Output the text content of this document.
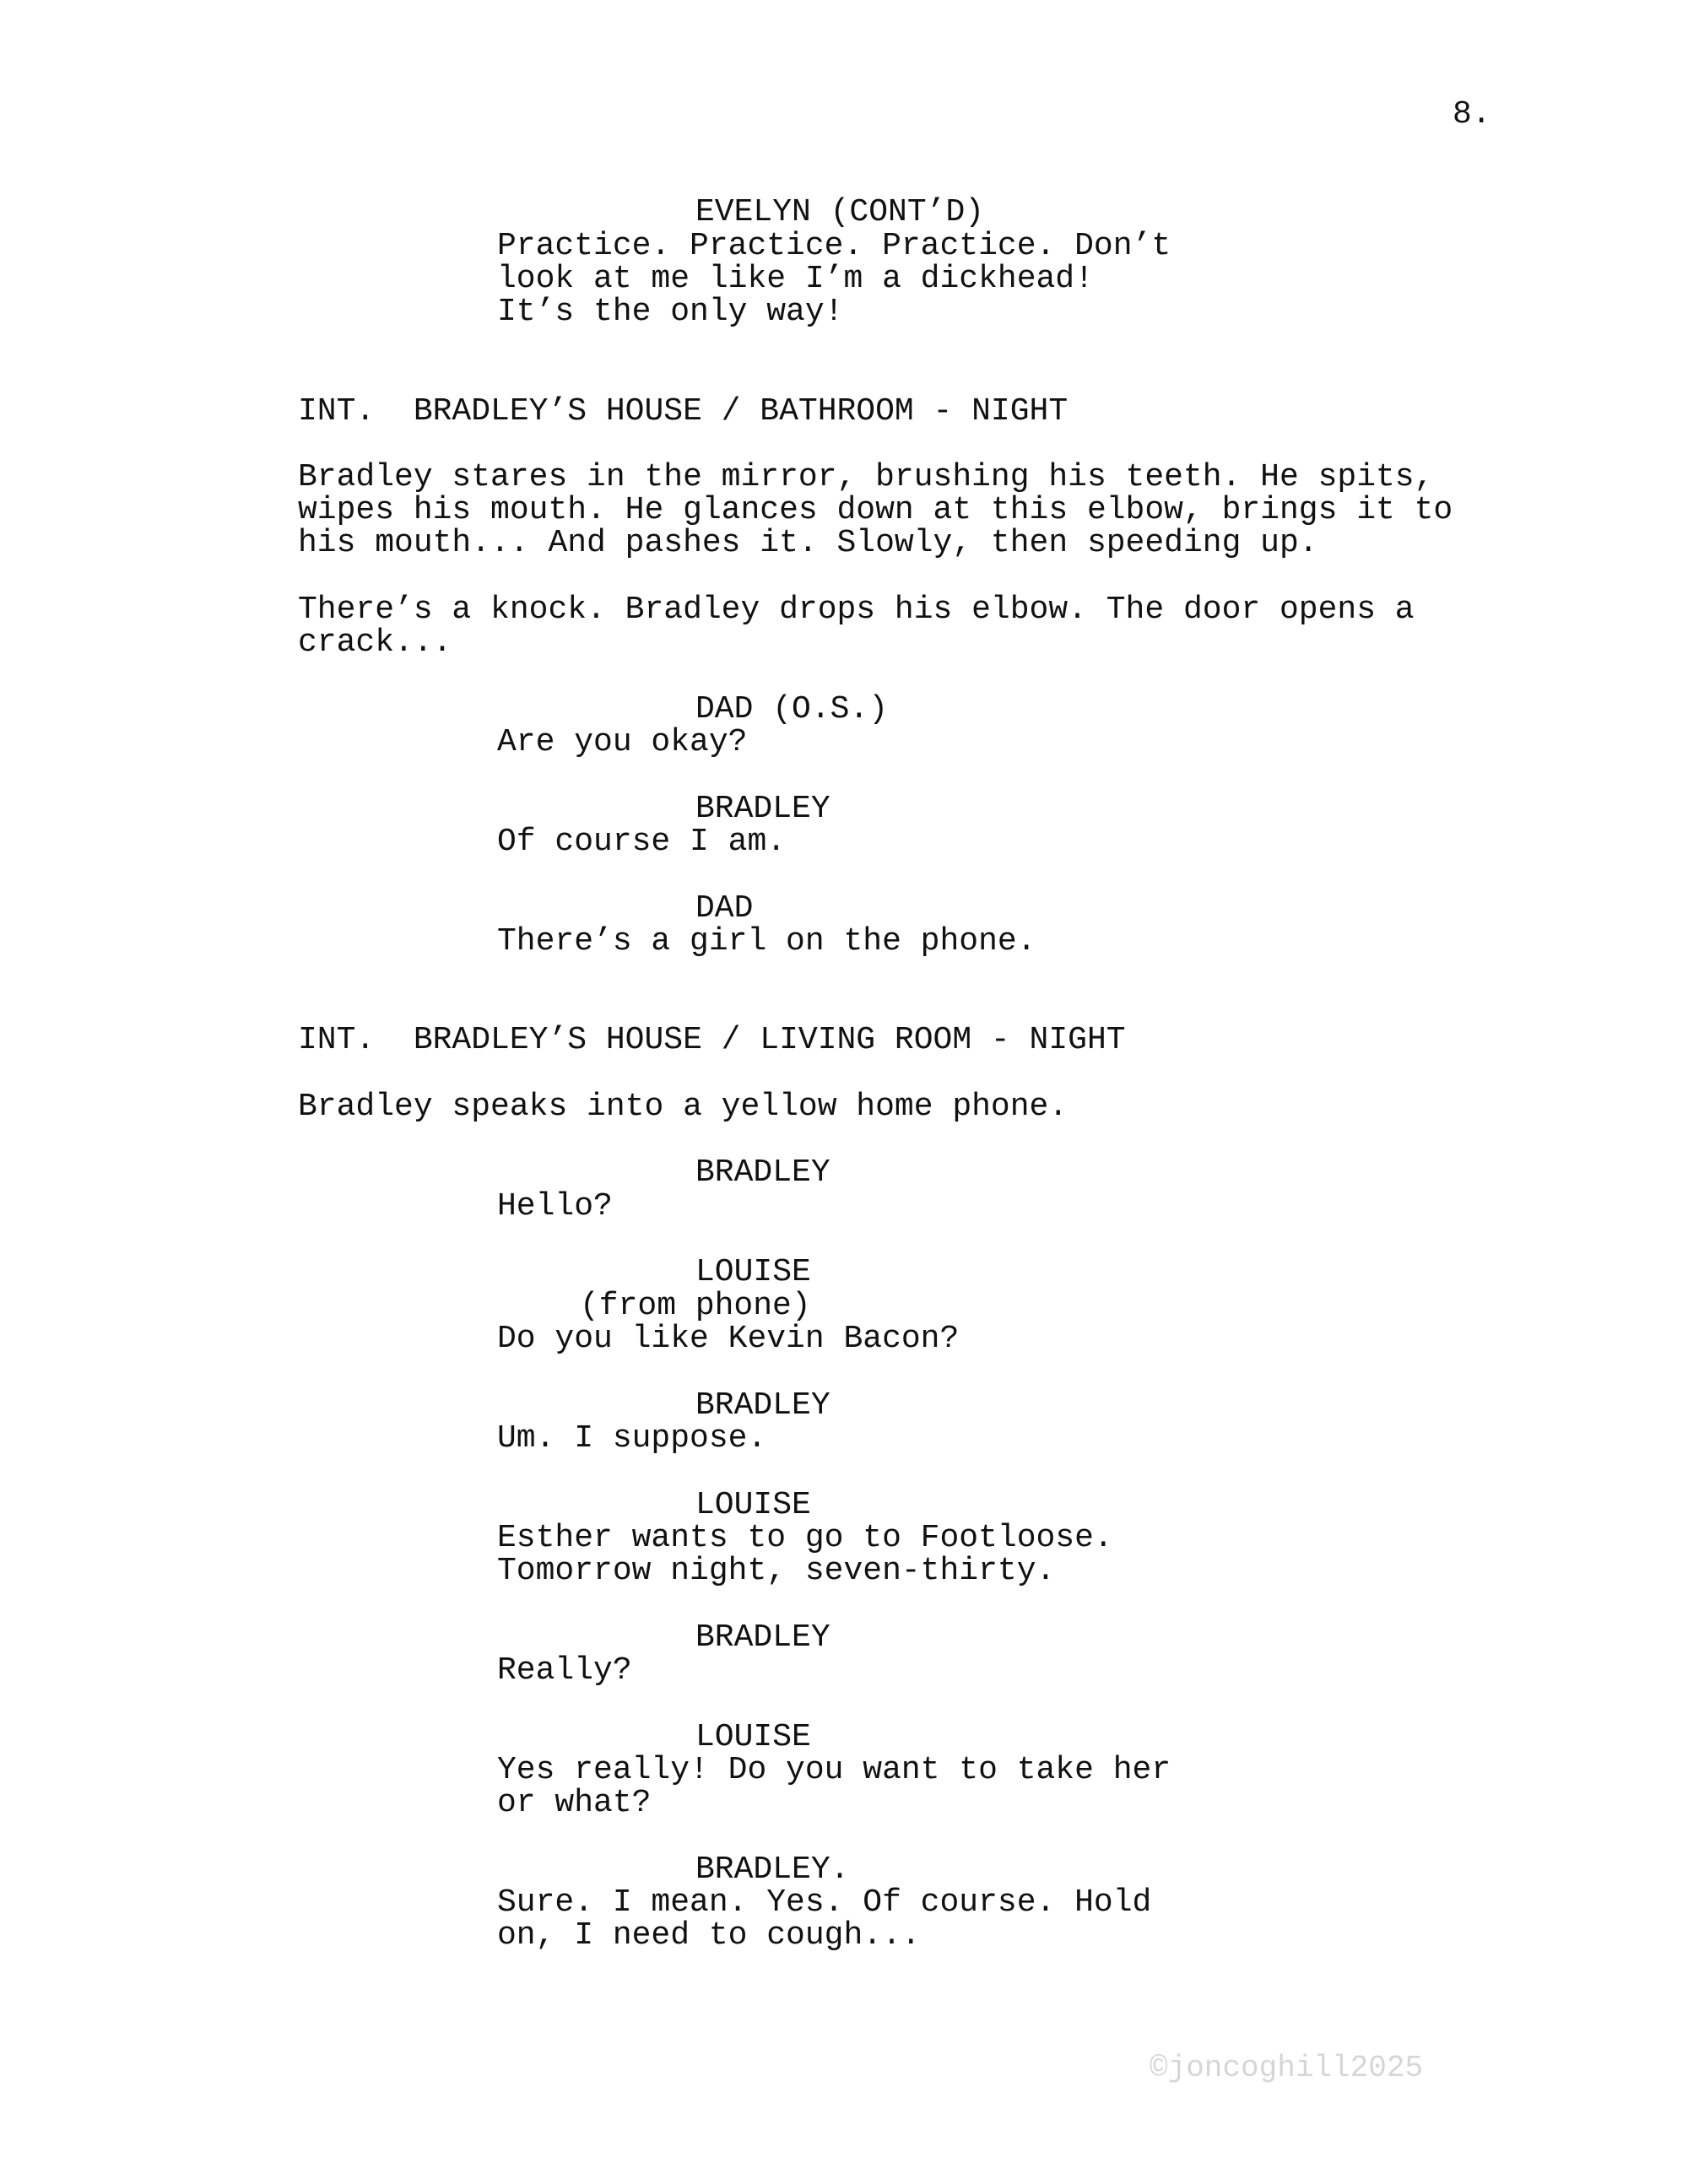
8.
EVELYN (CONT’D)
Practice. Practice. Practice. Don’t
look at me like I’m a dickhead!
It’s the only way!
INT.  BRADLEY’S HOUSE / BATHROOM - NIGHT
Bradley stares in the mirror, brushing his teeth. He spits,
wipes his mouth. He glances down at this elbow, brings it to
his mouth... And pashes it. Slowly, then speeding up.
There’s a knock. Bradley drops his elbow. The door opens a
crack...
DAD (O.S.)
Are you okay?
BRADLEY
Of course I am.
DAD
There’s a girl on the phone.
INT.  BRADLEY’S HOUSE / LIVING ROOM - NIGHT
Bradley speaks into a yellow home phone.
BRADLEY
Hello?
LOUISE
(from phone)
Do you like Kevin Bacon?
BRADLEY
Um. I suppose.
LOUISE
Esther wants to go to Footloose.
Tomorrow night, seven-thirty.
BRADLEY
Really?
LOUISE
Yes really! Do you want to take her
or what?
BRADLEY.
Sure. I mean. Yes. Of course. Hold
on, I need to cough...
©joncoghill2025
